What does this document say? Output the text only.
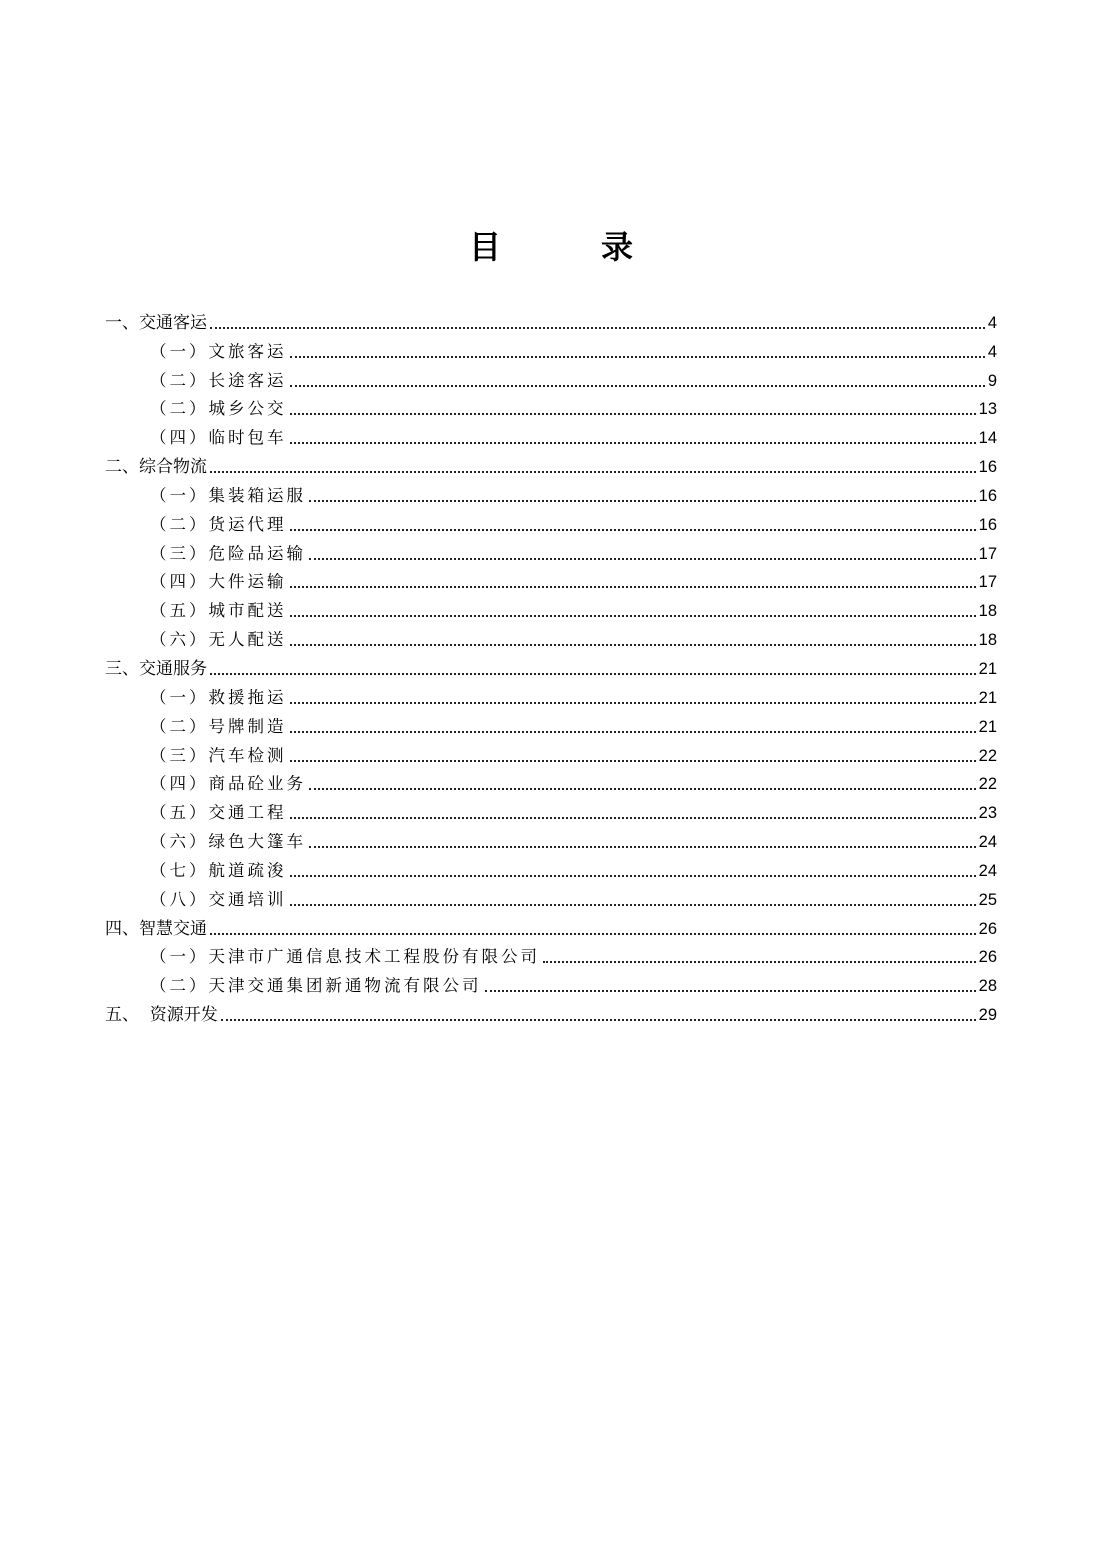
目　录
一、交通客运	4
（一）文旅客运	4
（二）长途客运	9
（二）城乡公交	13
（四）临时包车	14
二、综合物流	16
（一）集装箱运服	16
（二）货运代理	16
（三）危险品运输	17
（四）大件运输	17
（五）城市配送	18
（六）无人配送	18
三、交通服务	21
（一）救援拖运	21
（二）号牌制造	21
（三）汽车检测	22
（四）商品砼业务	22
（五）交通工程	23
（六）绿色大篷车	24
（七）航道疏浚	24
（八）交通培训	25
四、智慧交通	26
（一）天津市广通信息技术工程股份有限公司	26
（二）天津交通集团新通物流有限公司	28
五、  资源开发	29
